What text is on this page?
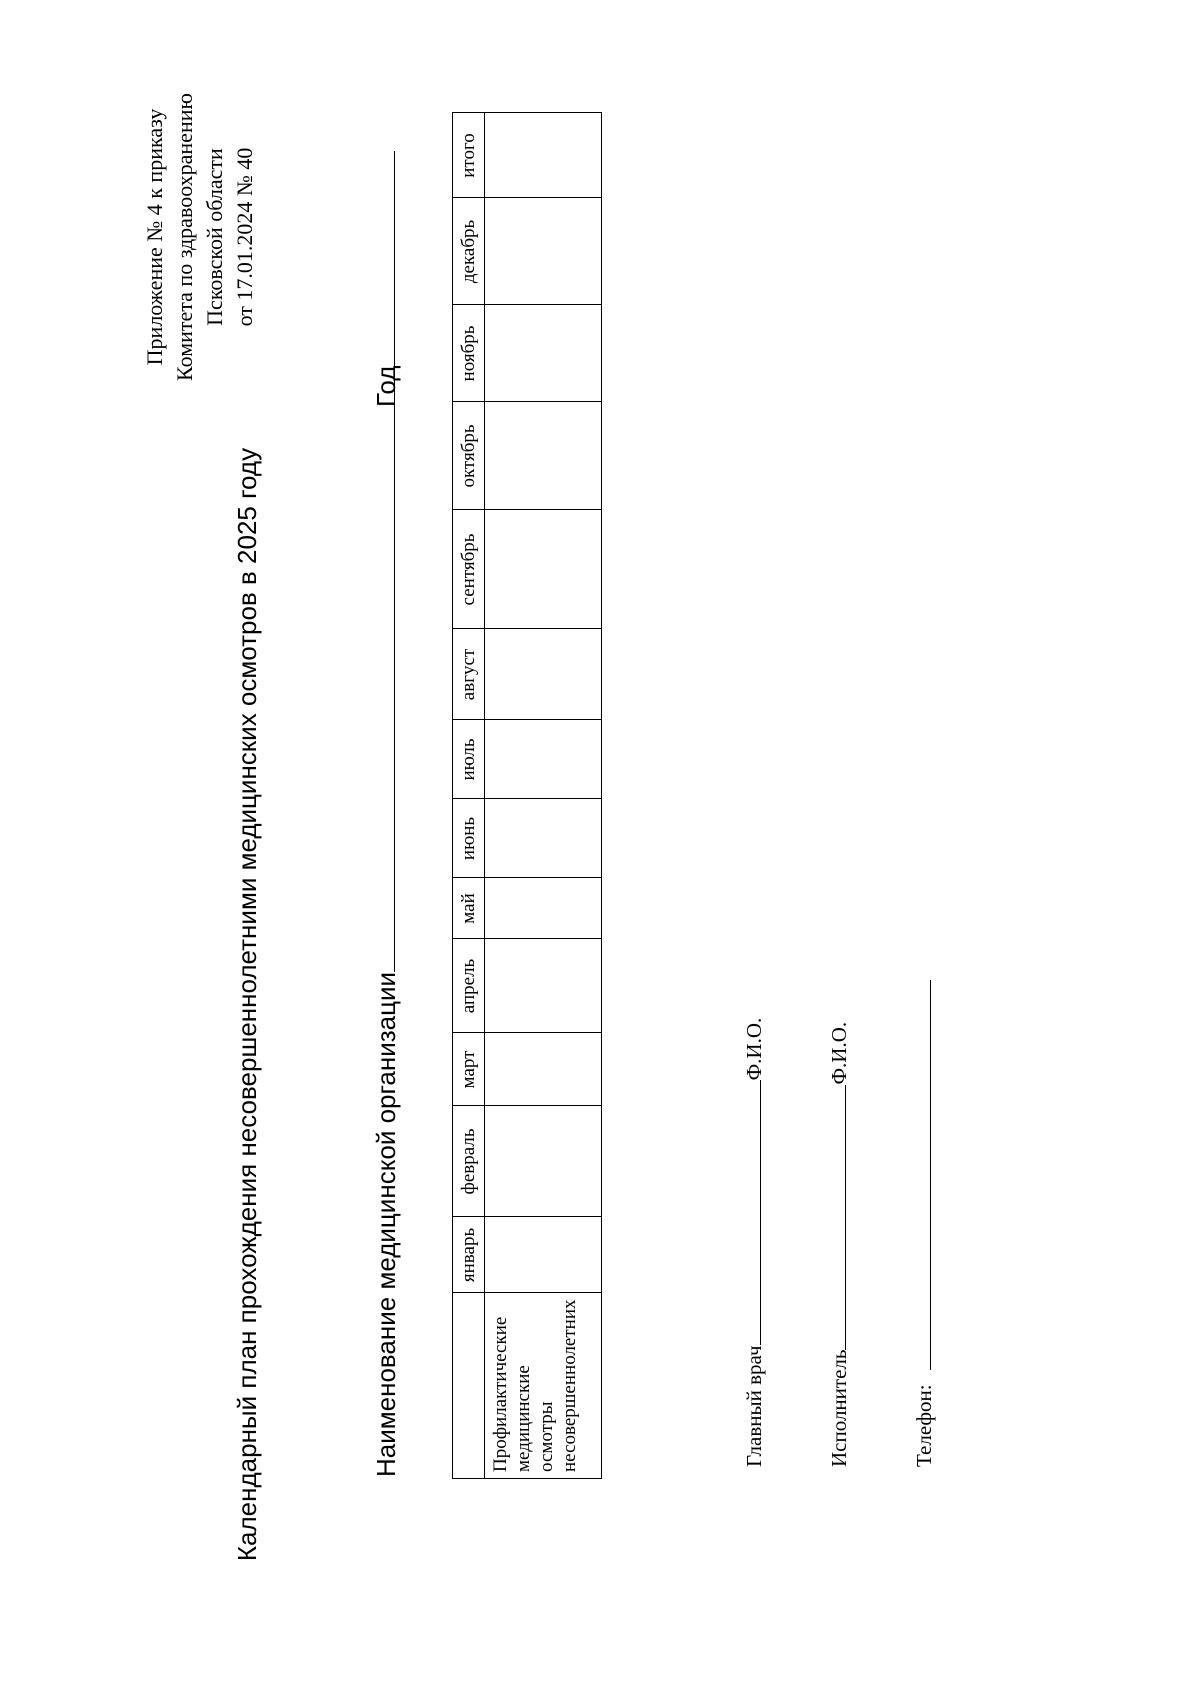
Приложение № 4 к приказу Комитета по здравоохранению Псковской области от 17.01.2024 № 40
Календарный план прохождения несовершеннолетними медицинских осмотров в 2025 году	Наименование медицинской организации
Год
	январь	февраль	март	апрель	май	июнь	июль	август	сентябрь	октябрь	ноябрь	декабрь	итого

Профилактические медицинские осмотры несовершеннолетних													
														Главный врачФ.И.О.
ИсполнительФ.И.О.
Телефон:
